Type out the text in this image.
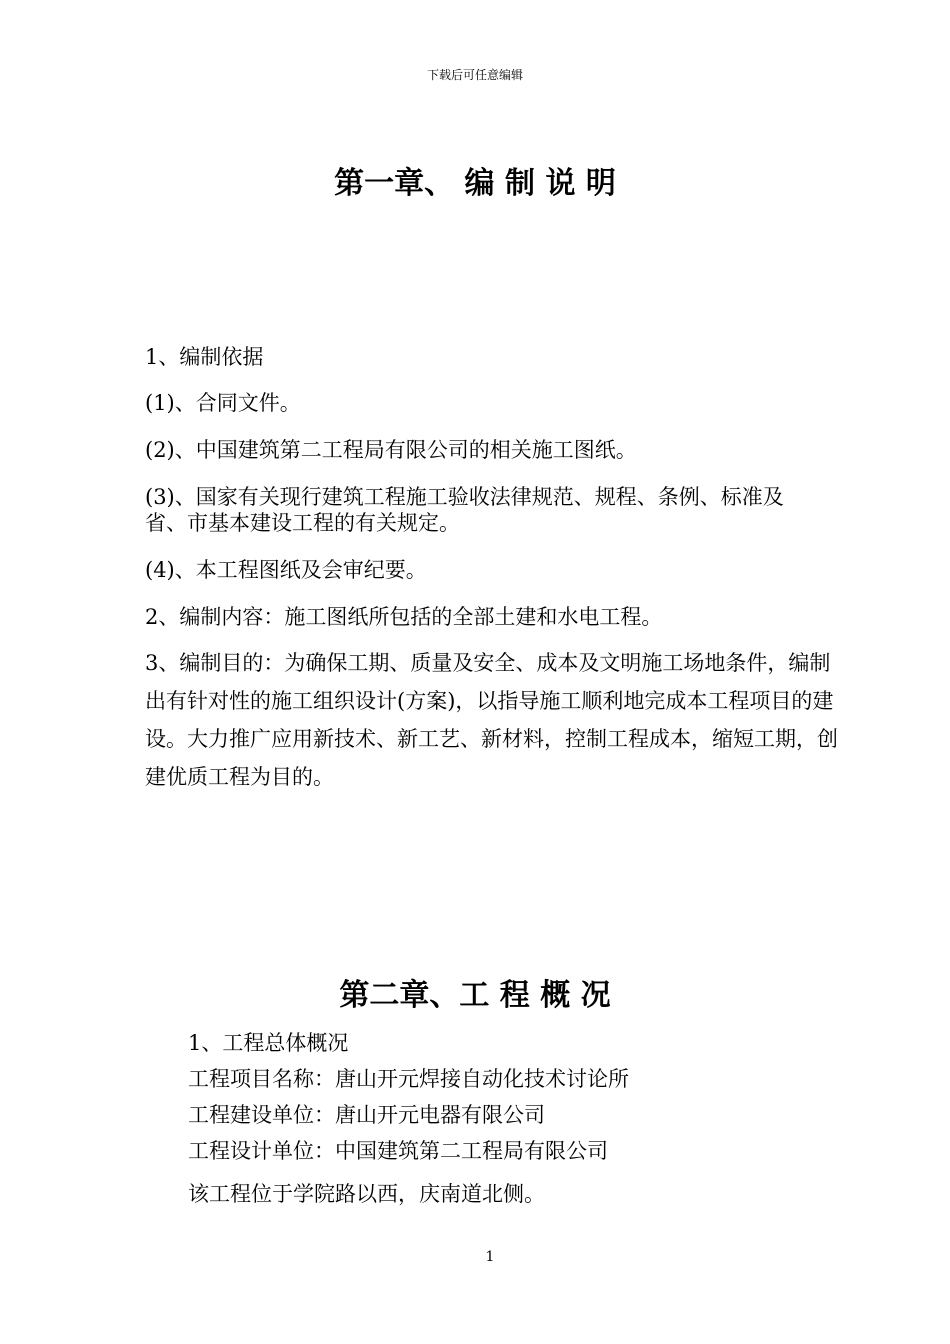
下载后可任意编辑
第一章、 编 制 说 明
1、编制依据
(1)、合同文件。
(2)、中国建筑第二工程局有限公司的相关施工图纸。
(3)、国家有关现行建筑工程施工验收法律规范、规程、条例、标准及
省、市基本建设工程的有关规定。
(4)、本工程图纸及会审纪要。
2、编制内容：施工图纸所包括的全部土建和水电工程。
3、编制目的：为确保工期、质量及安全、成本及文明施工场地条件，编制出有针对性的施工组织设计(方案)，以指导施工顺利地完成本工程项目的建设。大力推广应用新技术、新工艺、新材料，控制工程成本，缩短工期，创建优质工程为目的。
第二章、工 程 概 况
1、工程总体概况
工程项目名称：唐山开元焊接自动化技术讨论所
工程建设单位：唐山开元电器有限公司
工程设计单位：中国建筑第二工程局有限公司
该工程位于学院路以西，庆南道北侧。
1
